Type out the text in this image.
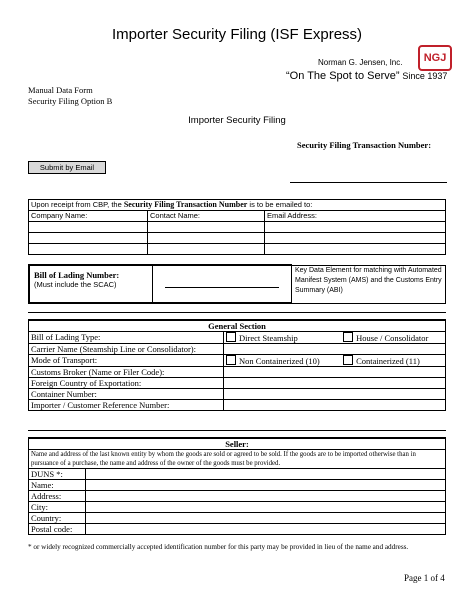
Importer Security Filing (ISF Express)
Norman G. Jensen, Inc.	NGJ
“On The Spot to Serve” Since 1937
Manual Data Form
Security Filing Option B
Importer Security Filing
Security Filing Transaction Number:
Submit by Email
Upon receipt from CBP, the Security Filing Transaction Number is to be emailed to:
Company Name:	Contact Name:	Email Address:

Bill of Lading Number:
(Must include the SCAC)

	Key Data Element for matching with Automated Manifest System (AMS) and the Customs Entry Summary (ABI)
General Section	
Bill of Lading Type:	Direct Steamship House / Consolidator
Carrier Name (Steamship Line or Consolidator):	
Mode of Transport:	Non Containerized (10) Containerized (11)
Customs Broker (Name or Filer Code):	
Foreign Country of Exportation:	
Container Number:	
Importer / Customer Reference Number:	
Seller:	
Name and address of the last known entity by whom the goods are sold or agreed to be sold. If the goods are to be imported otherwise than in pursuance of a purchase, the name and address of the owner of the goods must be provided.	
DUNS *:	
Name:	
Address:	
City:	
Country:	
Postal code:	
* or widely recognized commercially accepted identification number for this party may be provided in lieu of the name and address.
Page 1 of 4
